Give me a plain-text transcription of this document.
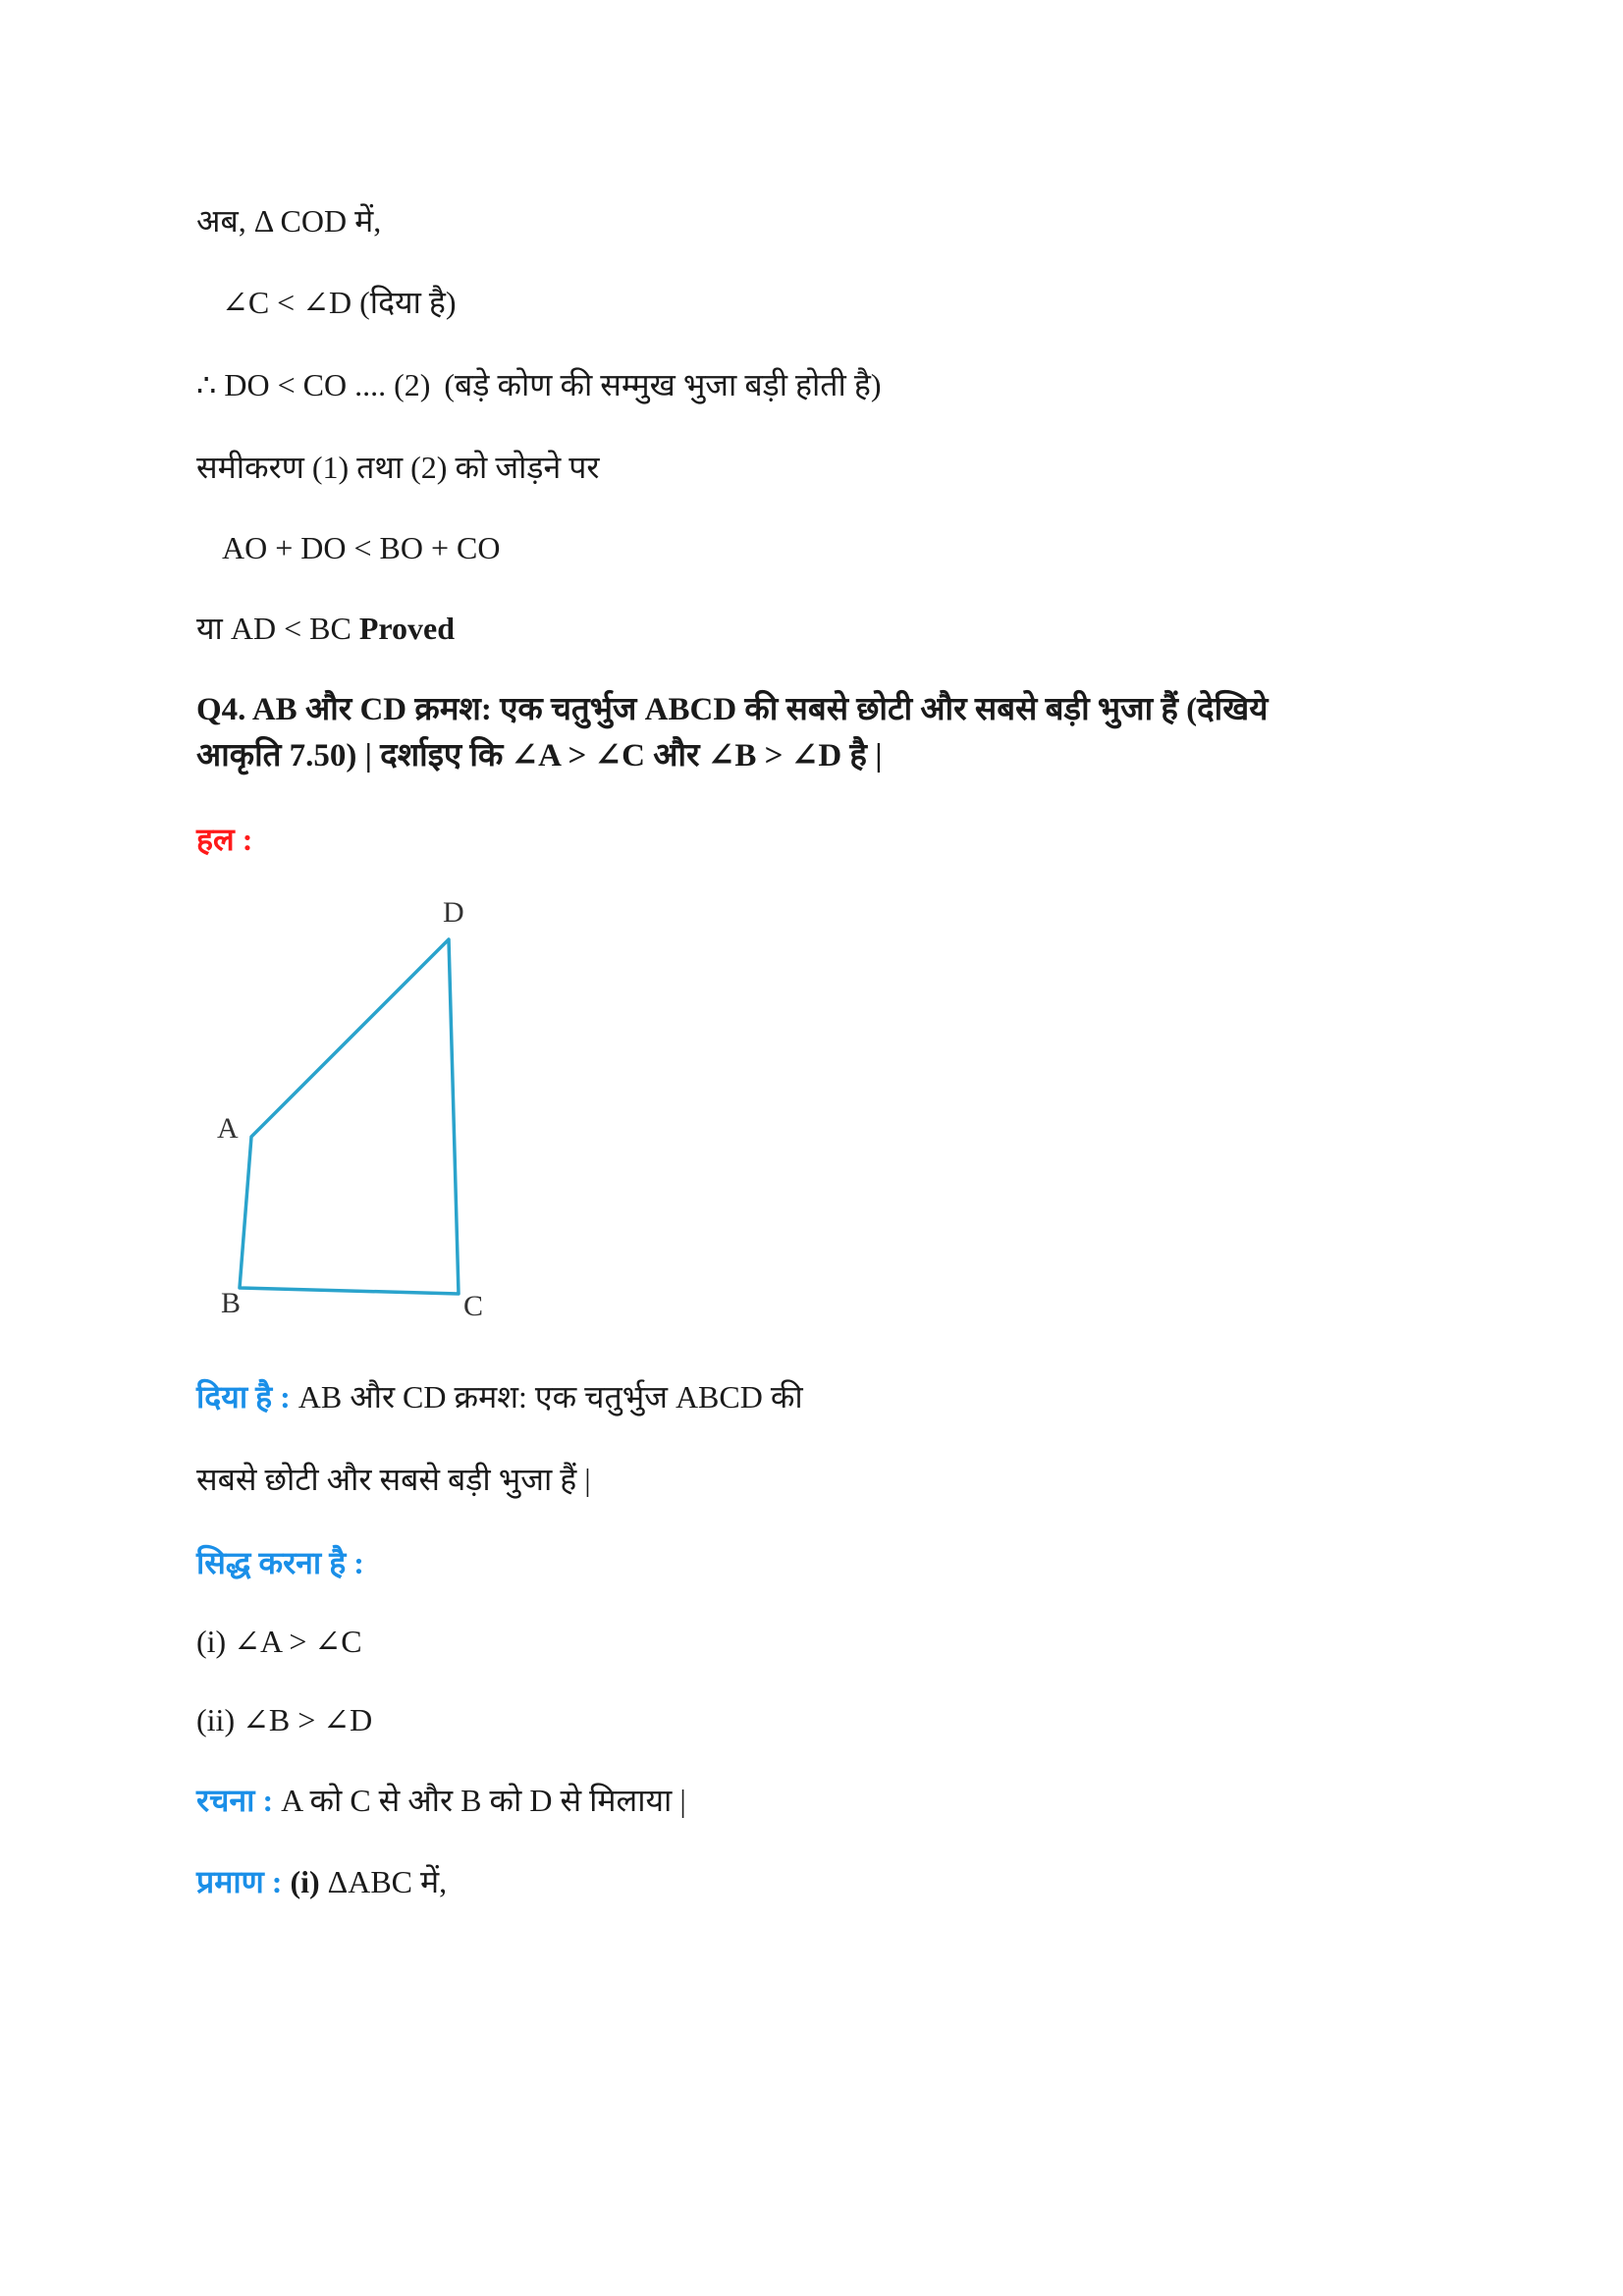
अब, Δ COD में,
∠C < ∠D (दिया है)
∴ DO < CO .... (2) (बड़े कोण की सम्मुख भुजा बड़ी होती है)
समीकरण (1) तथा (2) को जोड़ने पर
AO + DO < BO + CO
या AD < BC Proved
Q4. AB और CD क्रमश: एक चतुर्भुज ABCD की सबसे छोटी और सबसे बड़ी भुजा हैं (देखिये
आकृति 7.50) | दर्शाइए कि ∠A > ∠C और ∠B > ∠D है |
हल :
D
A
B	C
दिया है : AB और CD क्रमश: एक चतुर्भुज ABCD की
सबसे छोटी और सबसे बड़ी भुजा हैं |
सिद्ध करना है :
(i) ∠A > ∠C
(ii) ∠B > ∠D
रचना : A को C से और B को D से मिलाया |
प्रमाण : (i) ΔABC में,
